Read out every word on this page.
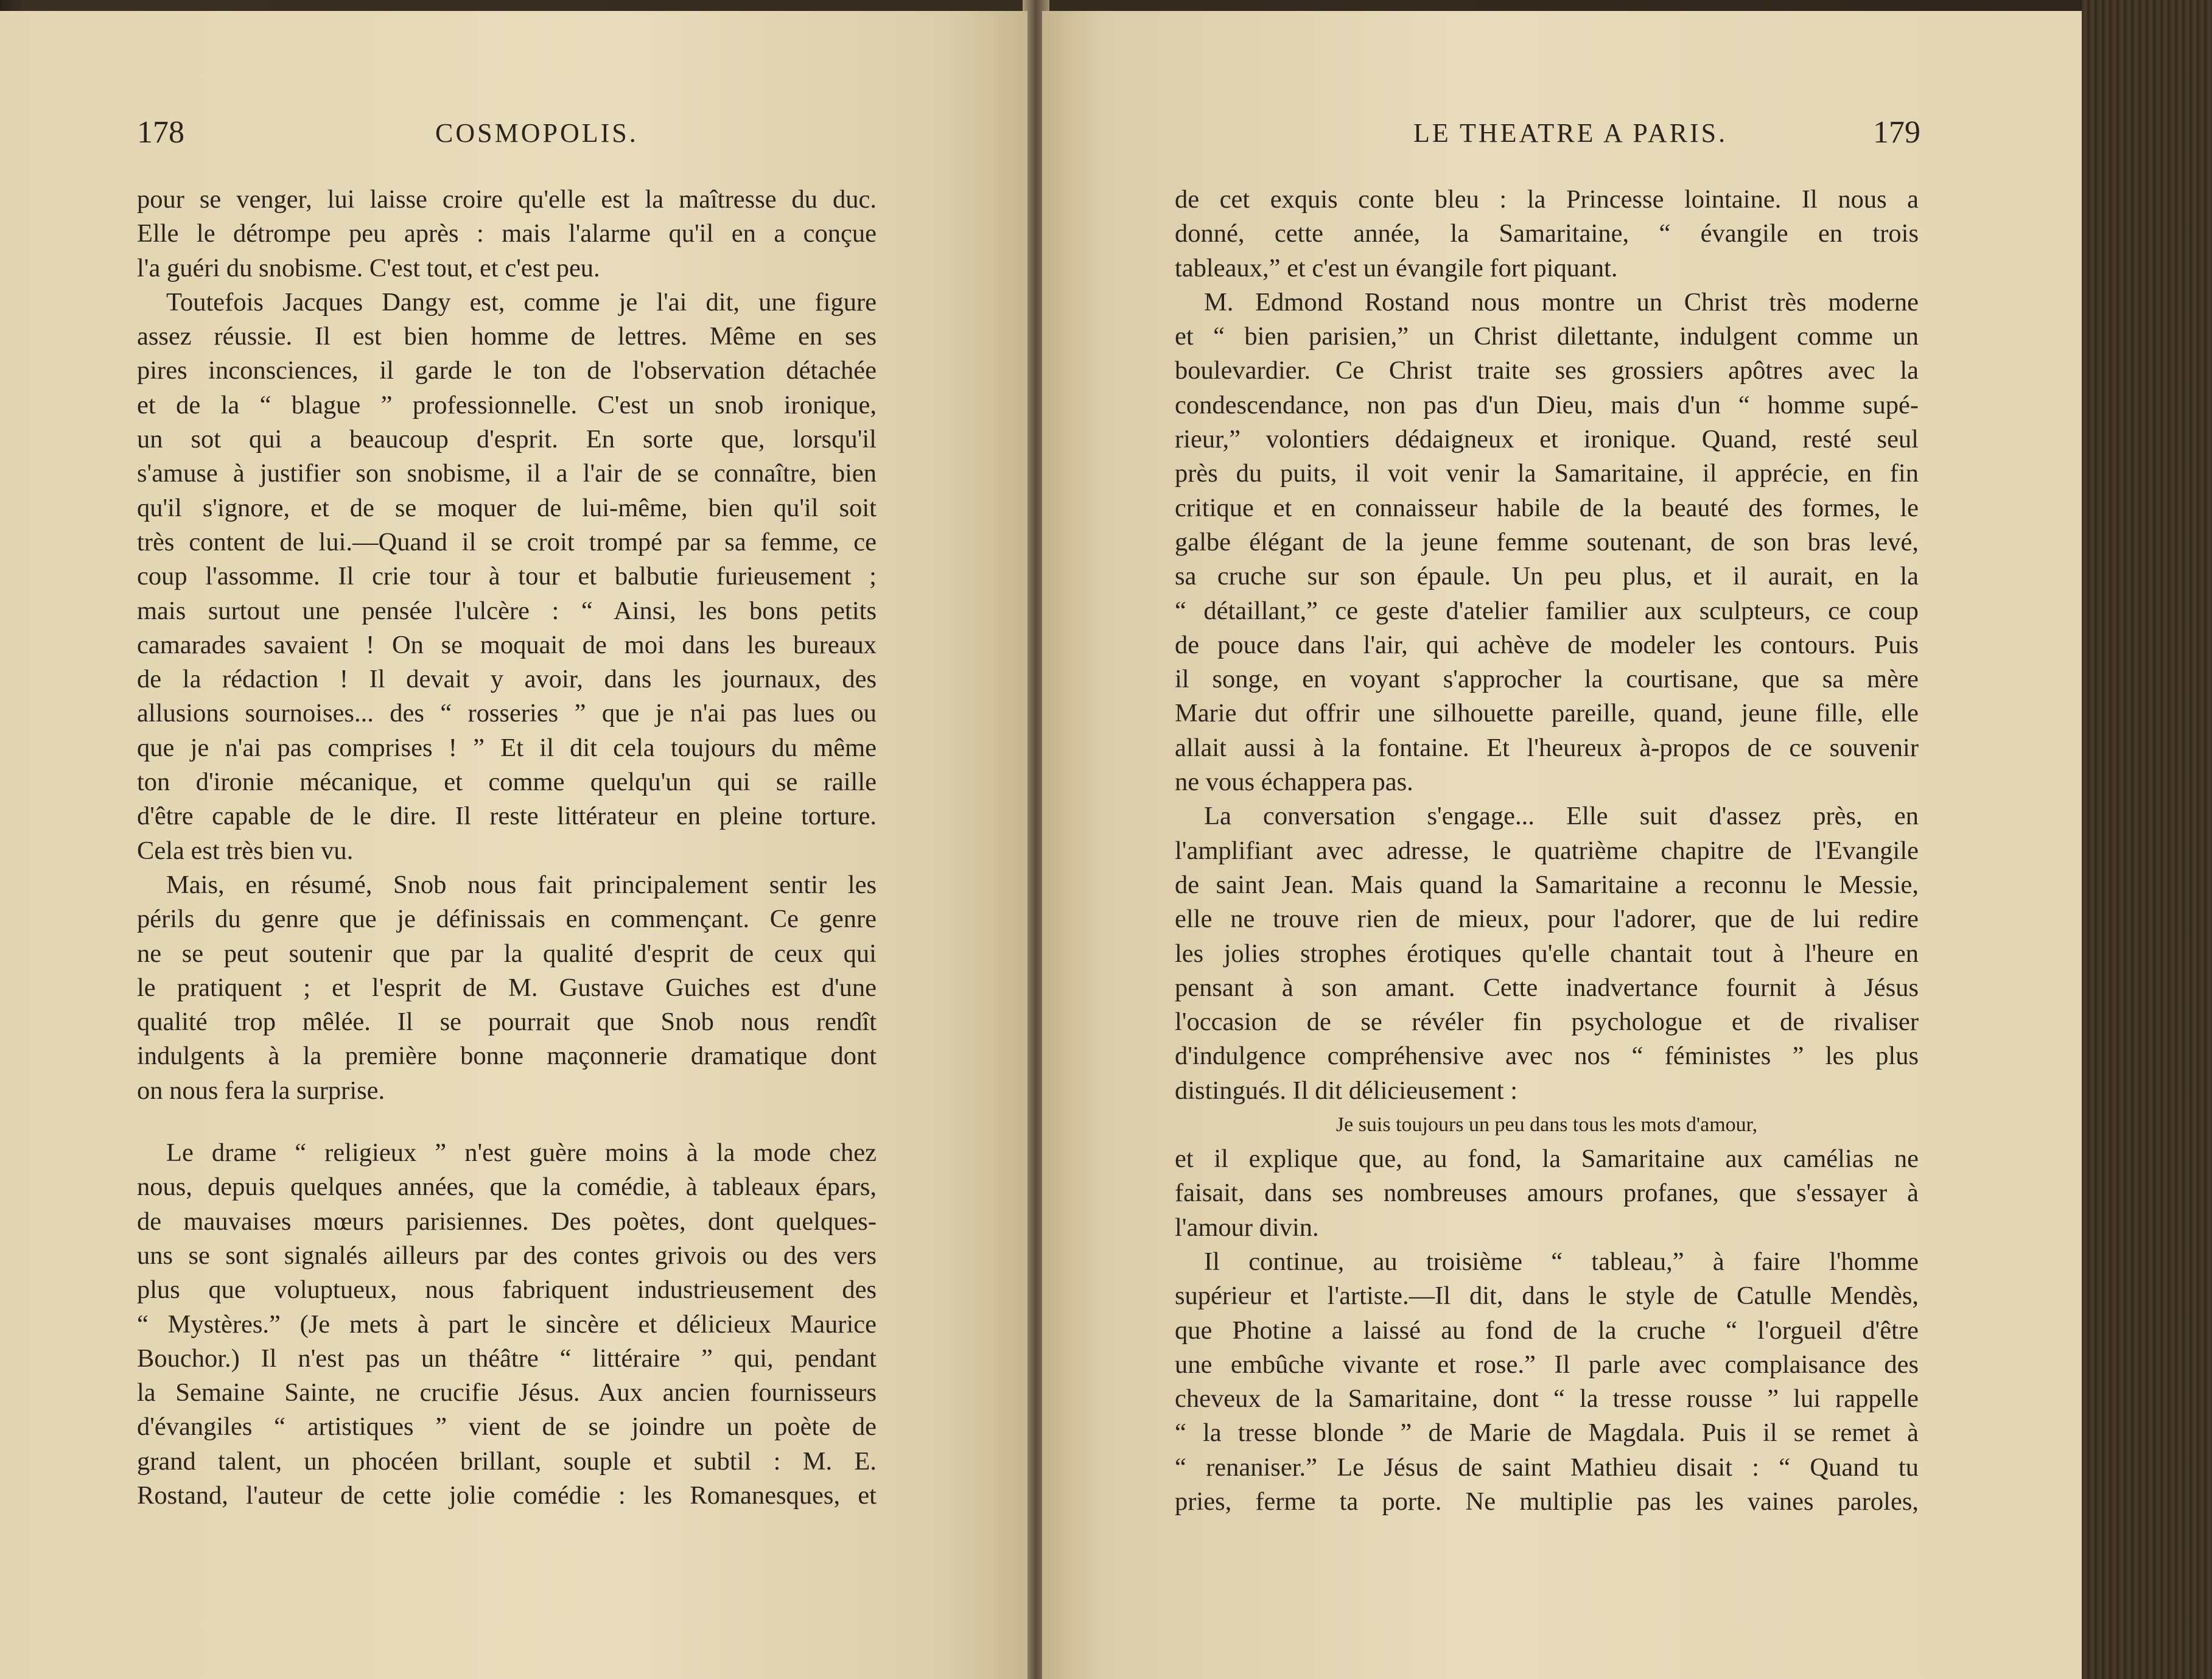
178	COSMOPOLIS.
pour se venger, lui laisse croire qu'elle est la maîtresse du duc.
Elle le détrompe peu après : mais l'alarme qu'il en a conçue
l'a guéri du snobisme. C'est tout, et c'est peu.
Toutefois Jacques Dangy est, comme je l'ai dit, une figure
assez réussie. Il est bien homme de lettres. Même en ses
pires inconsciences, il garde le ton de l'observation détachée
et de la “ blague ” professionnelle. C'est un snob ironique,
un sot qui a beaucoup d'esprit. En sorte que, lorsqu'il
s'amuse à justifier son snobisme, il a l'air de se connaître, bien
qu'il s'ignore, et de se moquer de lui-même, bien qu'il soit
très content de lui.—Quand il se croit trompé par sa femme, ce
coup l'assomme. Il crie tour à tour et balbutie furieusement ;
mais surtout une pensée l'ulcère : “ Ainsi, les bons petits
camarades savaient ! On se moquait de moi dans les bureaux
de la rédaction ! Il devait y avoir, dans les journaux, des
allusions sournoises... des “ rosseries ” que je n'ai pas lues ou
que je n'ai pas comprises ! ” Et il dit cela toujours du même
ton d'ironie mécanique, et comme quelqu'un qui se raille
d'être capable de le dire. Il reste littérateur en pleine torture.
Cela est très bien vu.
Mais, en résumé, Snob nous fait principalement sentir les
périls du genre que je définissais en commençant. Ce genre
ne se peut soutenir que par la qualité d'esprit de ceux qui
le pratiquent ; et l'esprit de M. Gustave Guiches est d'une
qualité trop mêlée. Il se pourrait que Snob nous rendît
indulgents à la première bonne maçonnerie dramatique dont
on nous fera la surprise.
Le drame “ religieux ” n'est guère moins à la mode chez
nous, depuis quelques années, que la comédie, à tableaux épars,
de mauvaises mœurs parisiennes. Des poètes, dont quelques-
uns se sont signalés ailleurs par des contes grivois ou des vers
plus que voluptueux, nous fabriquent industrieusement des
“ Mystères.” (Je mets à part le sincère et délicieux Maurice
Bouchor.) Il n'est pas un théâtre “ littéraire ” qui, pendant
la Semaine Sainte, ne crucifie Jésus. Aux ancien fournisseurs
d'évangiles “ artistiques ” vient de se joindre un poète de
grand talent, un phocéen brillant, souple et subtil : M. E.
Rostand, l'auteur de cette jolie comédie : les Romanesques, et
LE THEATRE A PARIS.	179
de cet exquis conte bleu : la Princesse lointaine. Il nous a
donné, cette année, la Samaritaine, “ évangile en trois
tableaux,” et c'est un évangile fort piquant.
M. Edmond Rostand nous montre un Christ très moderne
et “ bien parisien,” un Christ dilettante, indulgent comme un
boulevardier. Ce Christ traite ses grossiers apôtres avec la
condescendance, non pas d'un Dieu, mais d'un “ homme supé-
rieur,” volontiers dédaigneux et ironique. Quand, resté seul
près du puits, il voit venir la Samaritaine, il apprécie, en fin
critique et en connaisseur habile de la beauté des formes, le
galbe élégant de la jeune femme soutenant, de son bras levé,
sa cruche sur son épaule. Un peu plus, et il aurait, en la
“ détaillant,” ce geste d'atelier familier aux sculpteurs, ce coup
de pouce dans l'air, qui achève de modeler les contours. Puis
il songe, en voyant s'approcher la courtisane, que sa mère
Marie dut offrir une silhouette pareille, quand, jeune fille, elle
allait aussi à la fontaine. Et l'heureux à-propos de ce souvenir
ne vous échappera pas.
La conversation s'engage... Elle suit d'assez près, en
l'amplifiant avec adresse, le quatrième chapitre de l'Evangile
de saint Jean. Mais quand la Samaritaine a reconnu le Messie,
elle ne trouve rien de mieux, pour l'adorer, que de lui redire
les jolies strophes érotiques qu'elle chantait tout à l'heure en
pensant à son amant. Cette inadvertance fournit à Jésus
l'occasion de se révéler fin psychologue et de rivaliser
d'indulgence compréhensive avec nos “ féministes ” les plus
distingués. Il dit délicieusement :
Je suis toujours un peu dans tous les mots d'amour,
et il explique que, au fond, la Samaritaine aux camélias ne
faisait, dans ses nombreuses amours profanes, que s'essayer à
l'amour divin.
Il continue, au troisième “ tableau,” à faire l'homme
supérieur et l'artiste.—Il dit, dans le style de Catulle Mendès,
que Photine a laissé au fond de la cruche “ l'orgueil d'être
une embûche vivante et rose.” Il parle avec complaisance des
cheveux de la Samaritaine, dont “ la tresse rousse ” lui rappelle
“ la tresse blonde ” de Marie de Magdala. Puis il se remet à
“ renaniser.” Le Jésus de saint Mathieu disait : “ Quand tu
pries, ferme ta porte. Ne multiplie pas les vaines paroles,
